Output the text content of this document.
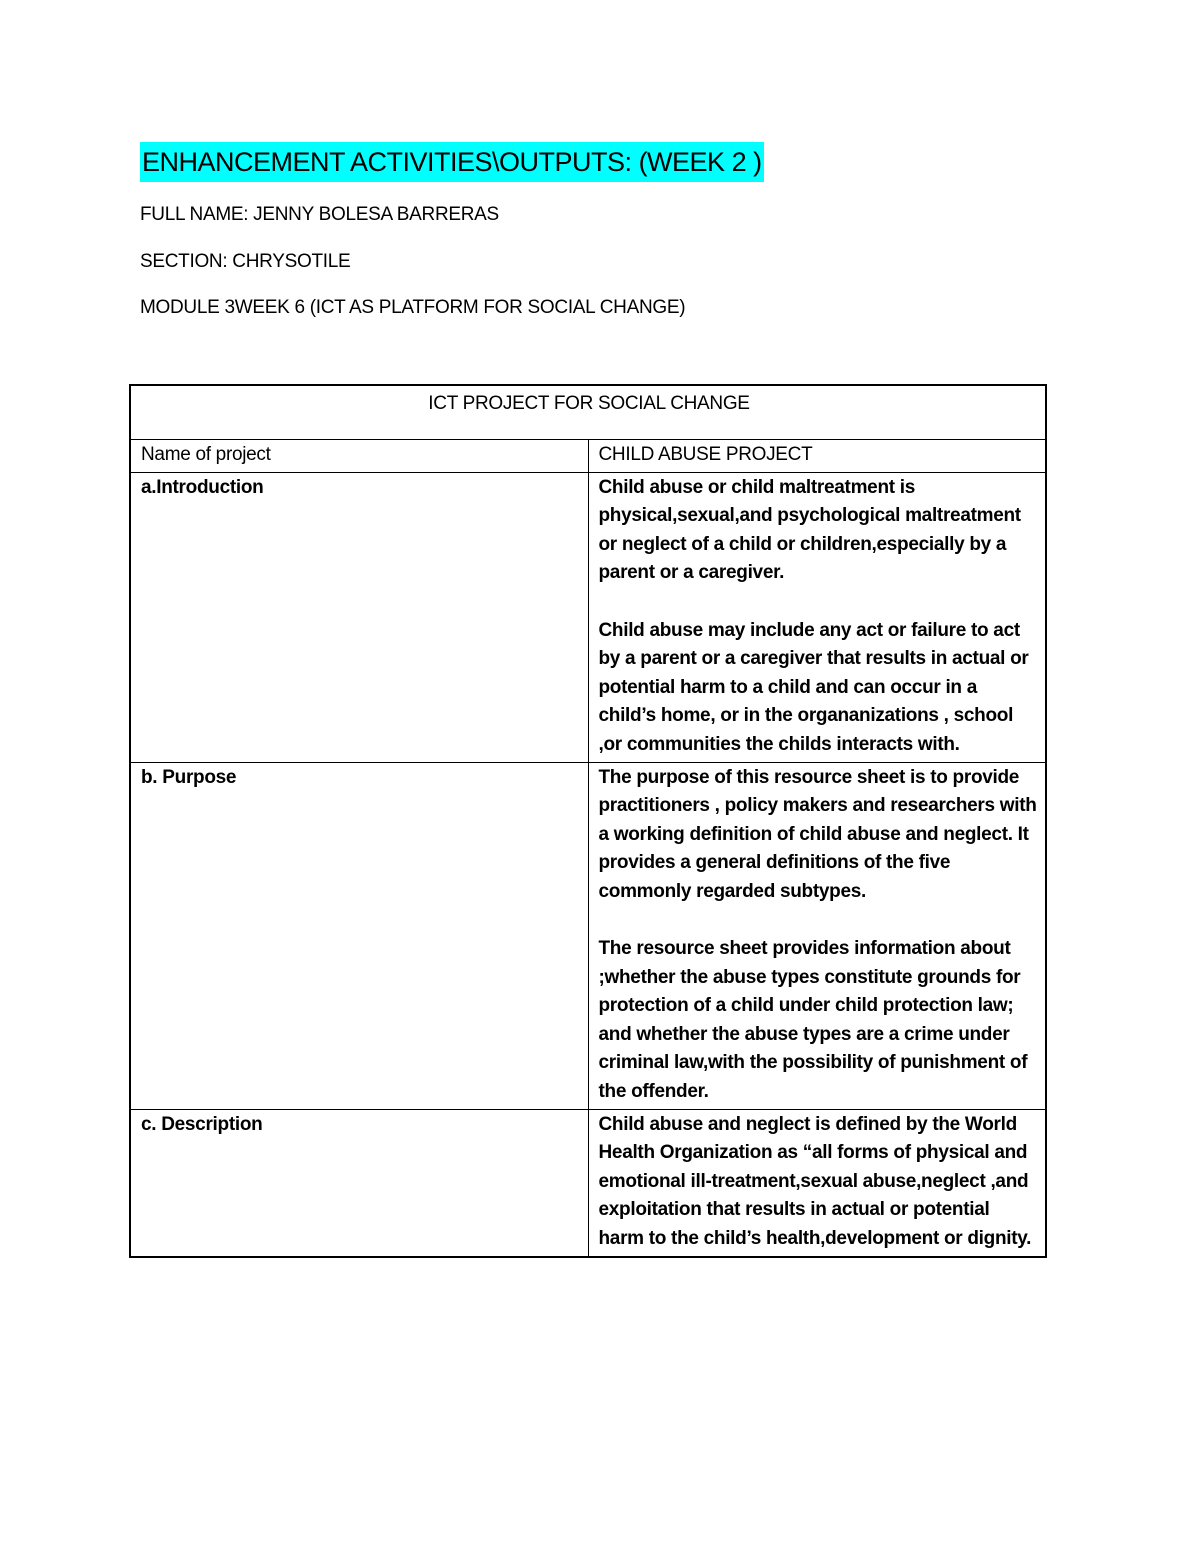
ENHANCEMENT ACTIVITIES\OUTPUTS: (WEEK 2 )
FULL NAME: JENNY BOLESA BARRERAS
SECTION: CHRYSOTILE
MODULE 3WEEK 6 (ICT AS PLATFORM FOR SOCIAL CHANGE)
ICT PROJECT FOR SOCIAL CHANGE	
Name of project	CHILD ABUSE PROJECT
a.Introduction	Child abuse or child maltreatment is physical,sexual,and psychological maltreatment or neglect of a child or children,especially by a parent or a caregiver.
Child abuse may include any act or failure to act by a parent or a caregiver that results in actual or potential harm to a child and can occur in a child’s home, or in the organanizations , school ,or communities the childs interacts with.

b. Purpose	The purpose of this resource sheet is to provide practitioners , policy makers and researchers with a working definition of child abuse and neglect. It provides a general definitions of the five commonly regarded subtypes.
The resource sheet provides information about ;whether the abuse types constitute grounds for protection of a child under child protection law; and whether the abuse types are a crime under criminal law,with the possibility of punishment of the offender.

c. Description	Child abuse and neglect is defined by the World Health Organization as “all forms of physical and emotional ill-treatment,sexual abuse,neglect ,and exploitation that results in actual or potential harm to the child’s health,development or dignity.
